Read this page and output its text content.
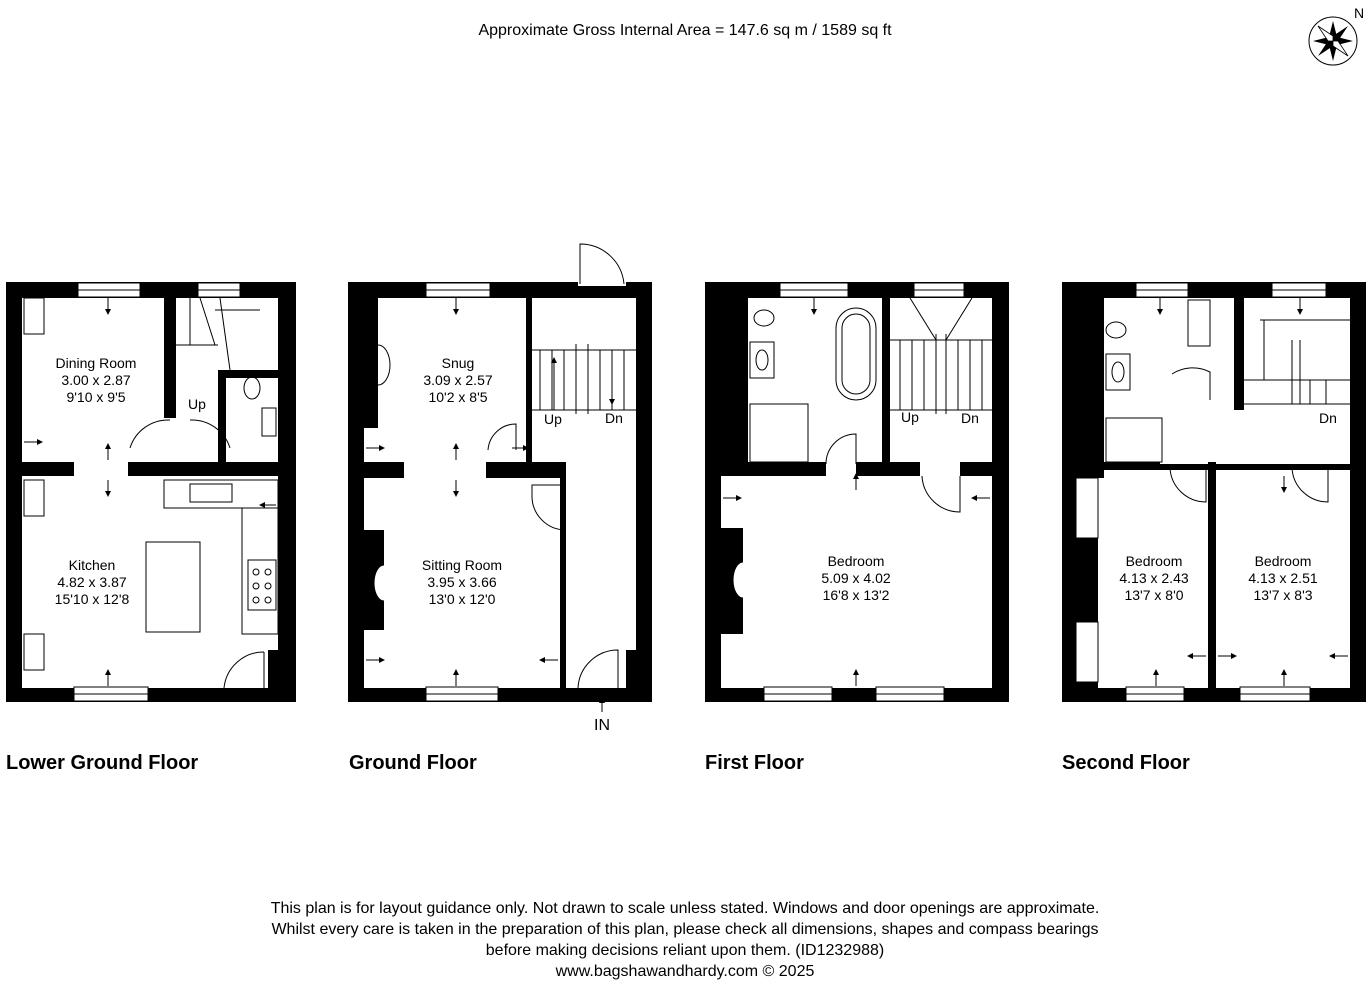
Approximate Gross Internal Area = 147.6 sq m / 1589 sq ft
N
Dining Room
3.00 x 2.87
9'10 x 9'5	Up
Kitchen
4.82 x 3.87
15'10 x 12'8
Snug
3.09 x 2.57
10'2 x 8'5
Up	Dn
Sitting Room
3.95 x 3.66
13'0 x 12'0
IN
Up	Dn
Bedroom
5.09 x 4.02
16'8 x 13'2
Dn
Bedroom
4.13 x 2.43
13'7 x 8'0
Bedroom
4.13 x 2.51
13'7 x 8'3
Lower Ground Floor	Ground Floor	First Floor	Second Floor
This plan is for layout guidance only. Not drawn to scale unless stated. Windows and door openings are approximate.
Whilst every care is taken in the preparation of this plan, please check all dimensions, shapes and compass bearings
before making decisions reliant upon them. (ID1232988)
www.bagshawandhardy.com © 2025
